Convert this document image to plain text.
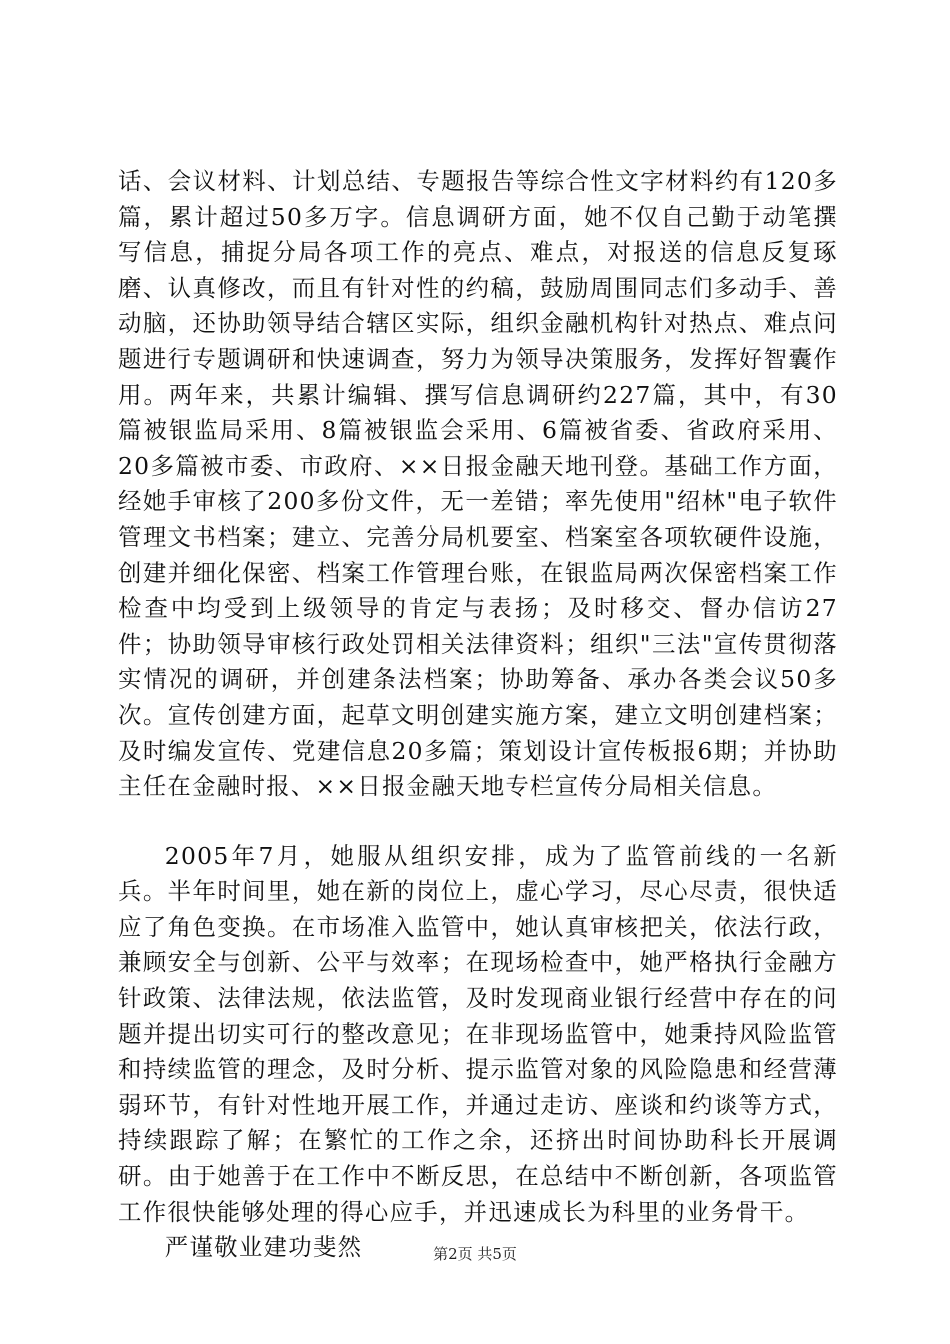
话、会议材料、计划总结、专题报告等综合性文字材料约有120多篇，累计超过50多万字。信息调研方面，她不仅自己勤于动笔撰写信息，捕捉分局各项工作的亮点、难点，对报送的信息反复琢磨、认真修改，而且有针对性的约稿，鼓励周围同志们多动手、善动脑，还协助领导结合辖区实际，组织金融机构针对热点、难点问题进行专题调研和快速调查，努力为领导决策服务，发挥好智囊作用。两年来，共累计编辑、撰写信息调研约227篇，其中，有30篇被银监局采用、8篇被银监会采用、6篇被省委、省政府采用、20多篇被市委、市政府、××日报金融天地刊登。基础工作方面，经她手审核了200多份文件，无一差错；率先使用"绍林"电子软件管理文书档案；建立、完善分局机要室、档案室各项软硬件设施，创建并细化保密、档案工作管理台账，在银监局两次保密档案工作检查中均受到上级领导的肯定与表扬；及时移交、督办信访27件；协助领导审核行政处罚相关法律资料；组织"三法"宣传贯彻落实情况的调研，并创建条法档案；协助筹备、承办各类会议50多次。宣传创建方面，起草文明创建实施方案，建立文明创建档案；及时编发宣传、党建信息20多篇；策划设计宣传板报6期；并协助主任在金融时报、××日报金融天地专栏宣传分局相关信息。

2005年7月，她服从组织安排，成为了监管前线的一名新兵。半年时间里，她在新的岗位上，虚心学习，尽心尽责，很快适应了角色变换。在市场准入监管中，她认真审核把关，依法行政，兼顾安全与创新、公平与效率；在现场检查中，她严格执行金融方针政策、法律法规，依法监管，及时发现商业银行经营中存在的问题并提出切实可行的整改意见；在非现场监管中，她秉持风险监管和持续监管的理念，及时分析、提示监管对象的风险隐患和经营薄弱环节，有针对性地开展工作，并通过走访、座谈和约谈等方式，持续跟踪了解；在繁忙的工作之余，还挤出时间协助科长开展调研。由于她善于在工作中不断反思，在总结中不断创新，各项监管工作很快能够处理的得心应手，并迅速成长为科里的业务骨干。

严谨敬业建功斐然	第2页 共5页
